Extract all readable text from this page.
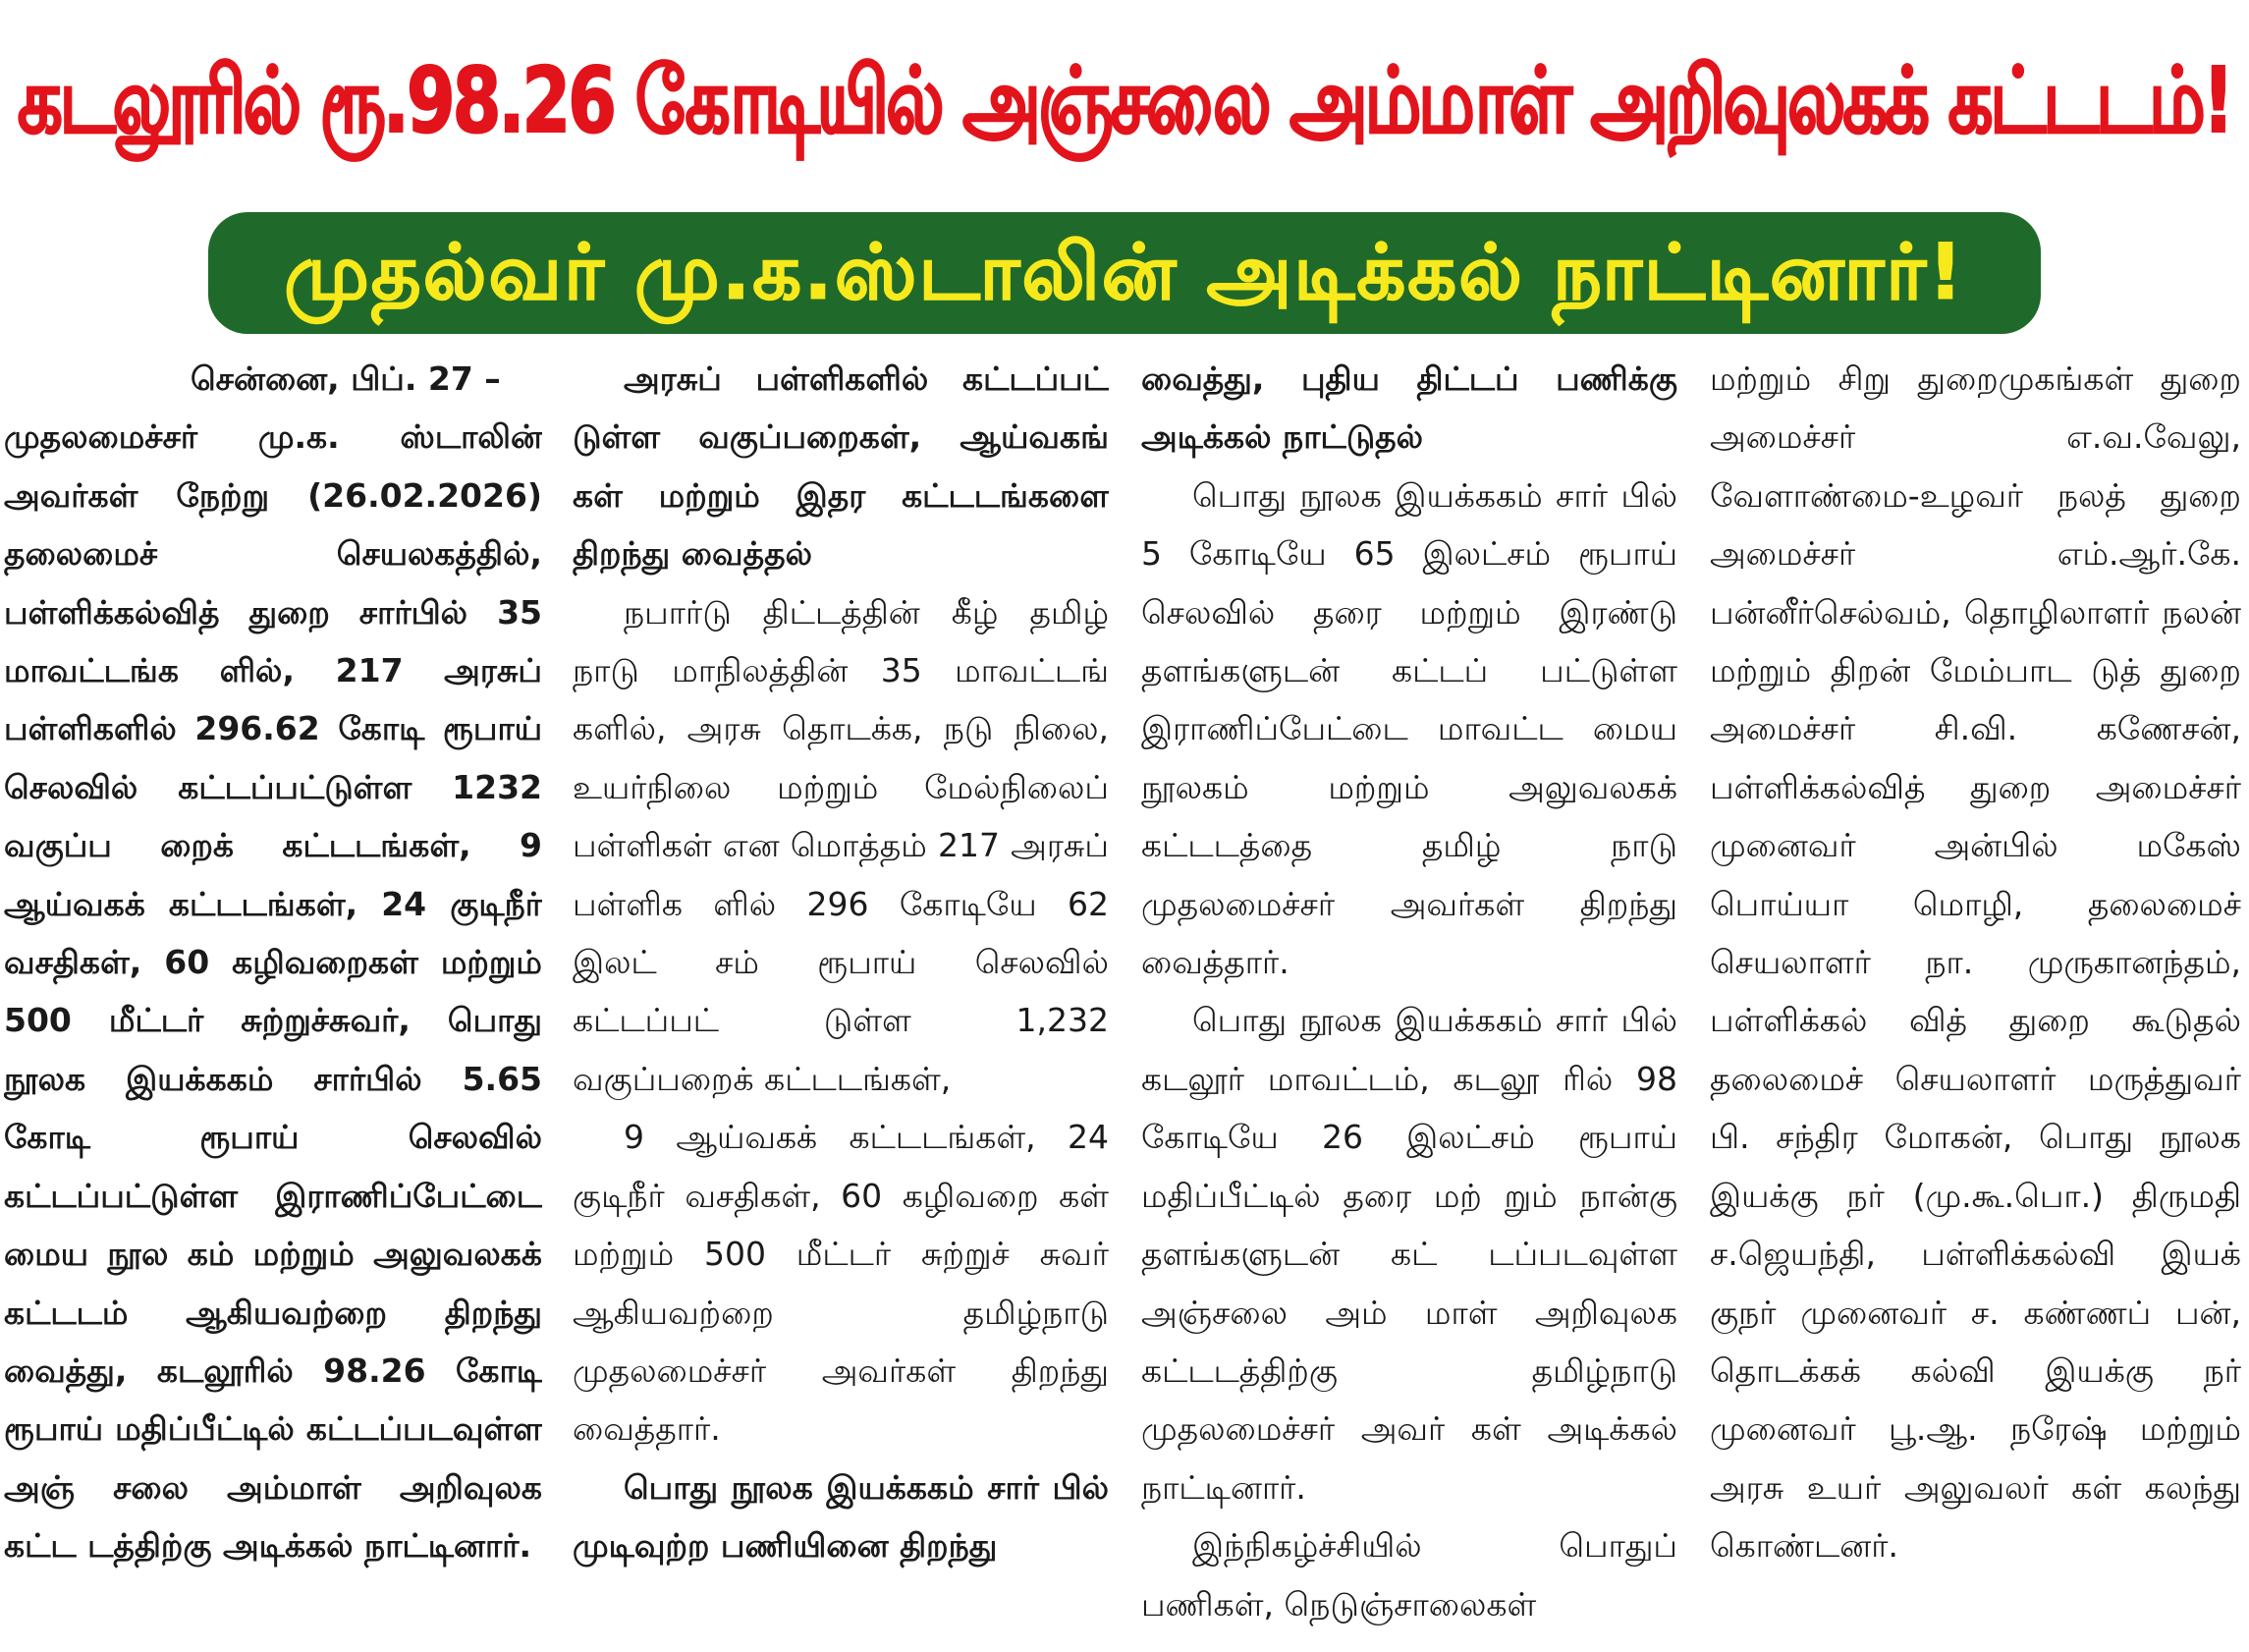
கடலூரில் ரூ.98.26 கோடியில் அஞ்சலை அம்மாள் அறிவுலகக் கட்டடம்!
முதல்வர் மு.க.ஸ்டாலின் அடிக்கல் நாட்டினார்!

சென்னை, பிப். 27 –

முதலமைச்சர் மு.க. ஸ்டாலின் அவர்கள் நேற்று (26.02.2026) தலைமைச் செயலகத்தில், பள்ளிக்கல்வித் துறை சார்பில் 35 மாவட்டங்க ளில், 217 அரசுப் பள்ளிகளில் 296.62 கோடி ரூபாய் செலவில் கட்டப்பட்டுள்ள 1232 வகுப்ப றைக் கட்டடங்கள், 9 ஆய்வகக் கட்டடங்கள், 24 குடிநீர் வசதிகள், 60 கழிவறைகள் மற்றும் 500 மீட்டர் சுற்றுச்சுவர், பொது நூலக இயக்ககம் சார்பில் 5.65 கோடி ரூபாய் செலவில் கட்டப்பட்டுள்ள இராணிப்பேட்டை மைய நூல கம் மற்றும் அலுவலகக் கட்டடம் ஆகியவற்றை திறந்து வைத்து, கடலூரில் 98.26 கோடி ரூபாய் மதிப்பீட்டில் கட்டப்படவுள்ள அஞ் சலை அம்மாள் அறிவுலக கட்ட டத்திற்கு அடிக்கல் நாட்டினார்.

அரசுப் பள்ளிகளில் கட்டப்பட் டுள்ள வகுப்பறைகள், ஆய்வகங் கள் மற்றும் இதர கட்டடங்களை திறந்து வைத்தல்

நபார்டு திட்டத்தின் கீழ் தமிழ் நாடு மாநிலத்தின் 35 மாவட்டங் களில், அரசு தொடக்க, நடு நிலை, உயர்நிலை மற்றும் மேல்நிலைப் பள்ளிகள் என மொத்தம் 217 அரசுப் பள்ளிக ளில் 296 கோடியே 62 இலட் சம் ரூபாய் செலவில் கட்டப்பட் டுள்ள 1,232 வகுப்பறைக் கட்டடங்கள்,

9 ஆய்வகக் கட்டடங்கள், 24 குடிநீர் வசதிகள், 60 கழிவறை கள் மற்றும் 500 மீட்டர் சுற்றுச் சுவர் ஆகியவற்றை தமிழ்நாடு முதலமைச்சர் அவர்கள் திறந்து வைத்தார்.

பொது நூலக இயக்ககம் சார் பில் முடிவுற்ற பணியினை திறந்து

வைத்து, புதிய திட்டப் பணிக்கு அடிக்கல் நாட்டுதல்

பொது நூலக இயக்ககம் சார் பில் 5 கோடியே 65 இலட்சம் ரூபாய் செலவில் தரை மற்றும் இரண்டு தளங்களுடன் கட்டப் பட்டுள்ள இராணிப்பேட்டை மாவட்ட மைய நூலகம் மற்றும் அலுவலகக் கட்டடத்தை தமிழ் நாடு முதலமைச்சர் அவர்கள் திறந்து வைத்தார்.

பொது நூலக இயக்ககம் சார் பில் கடலூர் மாவட்டம், கடலூ ரில் 98 கோடியே 26 இலட்சம் ரூபாய் மதிப்பீட்டில் தரை மற் றும் நான்கு தளங்களுடன் கட் டப்படவுள்ள அஞ்சலை அம் மாள் அறிவுலக கட்டடத்திற்கு தமிழ்நாடு முதலமைச்சர் அவர் கள் அடிக்கல் நாட்டினார்.

இந்நிகழ்ச்சியில் பொதுப் பணிகள், நெடுஞ்சாலைகள்

மற்றும் சிறு துறைமுகங்கள் துறை அமைச்சர் எ.வ.வேலு, வேளாண்மை-உழவர் நலத் துறை அமைச்சர் எம்.ஆர்.கே. பன்னீர்செல்வம், தொழிலாளர் நலன் மற்றும் திறன் மேம்பாட டுத் துறை அமைச்சர் சி.வி. கணேசன், பள்ளிக்கல்வித் துறை அமைச்சர் முனைவர் அன்பில் மகேஸ் பொய்யா மொழி, தலைமைச் செயலாளர் நா. முருகானந்தம், பள்ளிக்கல் வித் துறை கூடுதல் தலைமைச் செயலாளர் மருத்துவர் பி. சந்திர மோகன், பொது நூலக இயக்கு நர் (மு.கூ.பொ.) திருமதி ச.ஜெயந்தி, பள்ளிக்கல்வி இயக் குநர் முனைவர் ச. கண்ணப் பன், தொடக்கக் கல்வி இயக்கு நர் முனைவர் பூ.ஆ. நரேஷ் மற்றும் அரசு உயர் அலுவலர் கள் கலந்து கொண்டனர்.
